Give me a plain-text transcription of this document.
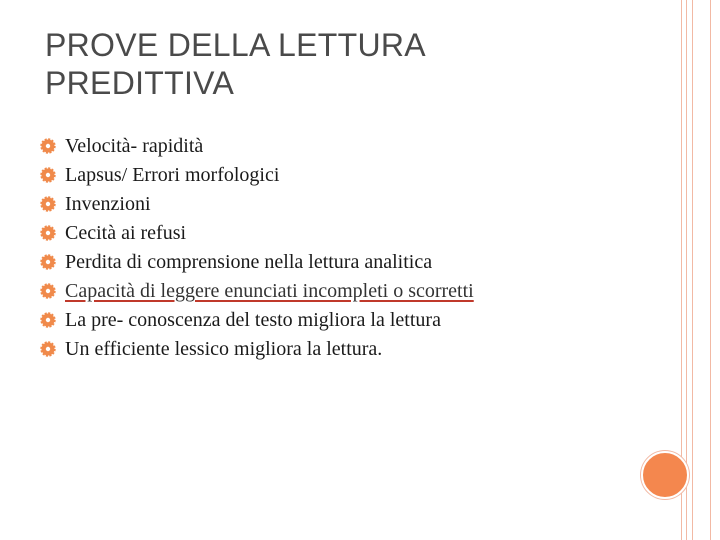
PROVE DELLA LETTURA
PREDITTIVA
Velocità- rapidità
Lapsus/ Errori morfologici
Invenzioni
Cecità ai refusi
Perdita di comprensione nella lettura analitica
Capacità di leggere enunciati incompleti o scorretti
La pre- conoscenza del testo migliora la lettura
Un efficiente lessico migliora la lettura.
